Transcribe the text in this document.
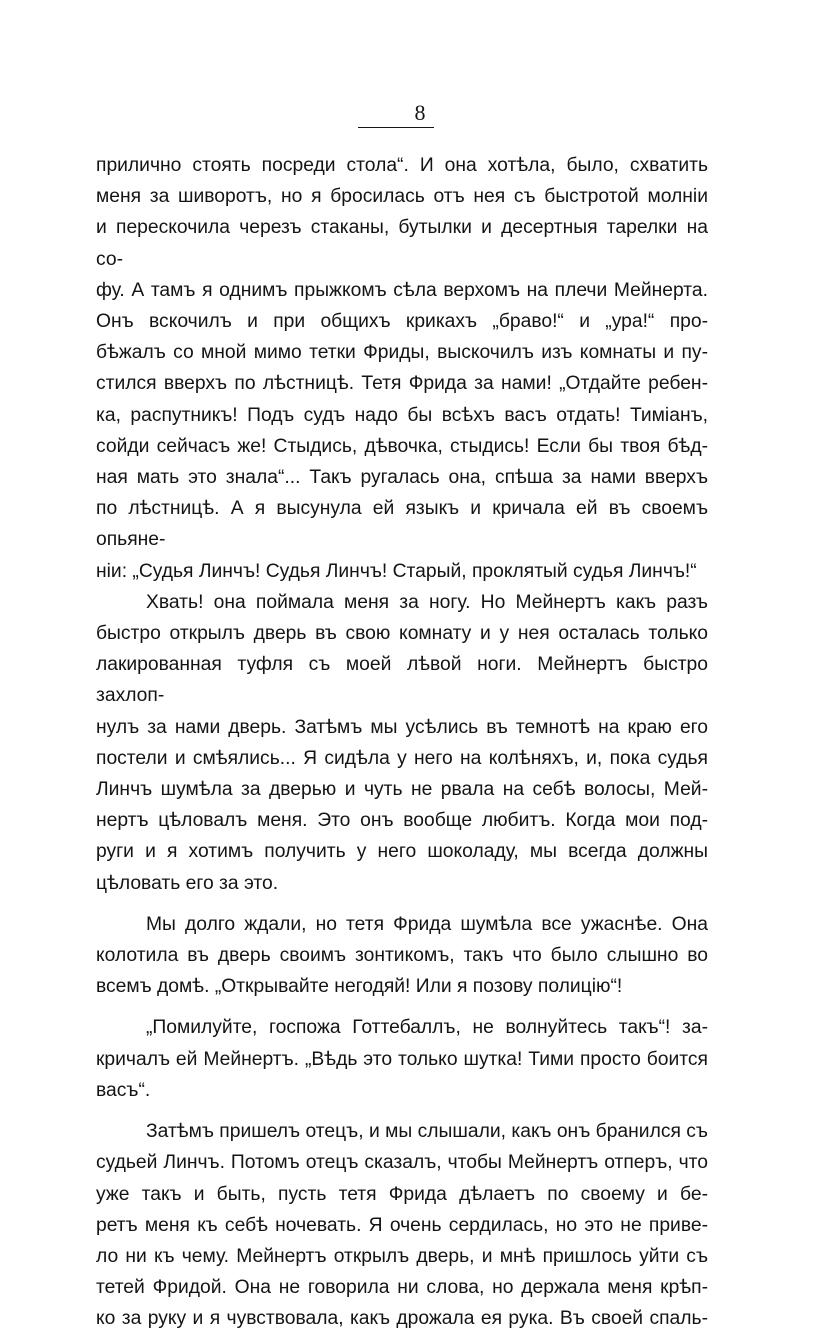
8
прилично стоять посреди стола“. И она хотѣла, было, схватить
меня за шиворотъ, но я бросилась отъ нея съ быстротой молніи
и перескочила черезъ стаканы, бутылки и десертныя тарелки на со-
фу. А тамъ я однимъ прыжкомъ сѣла верхомъ на плечи Мейнерта.
Онъ вскочилъ и при общихъ крикахъ „браво!“ и „ура!“ про-
бѣжалъ со мной мимо тетки Фриды, выскочилъ изъ комнаты и пу-
стился вверхъ по лѣстницѣ. Тетя Фрида за нами! „Отдайте ребен-
ка, распутникъ! Подъ судъ надо бы всѣхъ васъ отдать! Тиміанъ,
сойди сейчасъ же! Стыдись, дѣвочка, стыдись! Если бы твоя бѣд-
ная мать это знала“... Такъ ругалась она, спѣша за нами вверхъ
по лѣстницѣ. А я высунула ей языкъ и кричала ей въ своемъ опьяне-
ніи: „Судья Линчъ! Судья Линчъ! Старый, проклятый судья Линчъ!“
Хвать! она поймала меня за ногу. Но Мейнертъ какъ разъ
быстро открылъ дверь въ свою комнату и у нея осталась только
лакированная туфля съ моей лѣвой ноги. Мейнертъ быстро захлоп-
нулъ за нами дверь. Затѣмъ мы усѣлись въ темнотѣ на краю его
постели и смѣялись... Я сидѣла у него на колѣняхъ, и, пока судья
Линчъ шумѣла за дверью и чуть не рвала на себѣ волосы, Мей-
нертъ цѣловалъ меня. Это онъ вообще любитъ. Когда мои под-
руги и я хотимъ получить у него шоколаду, мы всегда должны
цѣловать его за это.
Мы долго ждали, но тетя Фрида шумѣла все ужаснѣе. Она
колотила въ дверь своимъ зонтикомъ, такъ что было слышно во
всемъ домѣ. „Открывайте негодяй! Или я позову полицію“!
„Помилуйте, госпожа Готтебаллъ, не волнуйтесь такъ“! за-
кричалъ ей Мейнертъ. „Вѣдь это только шутка! Тими просто боится
васъ“.
Затѣмъ пришелъ отецъ, и мы слышали, какъ онъ бранился съ
судьей Линчъ. Потомъ отецъ сказалъ, чтобы Мейнертъ отперъ, что
уже такъ и быть, пусть тетя Фрида дѣлаетъ по своему и бе-
ретъ меня къ себѣ ночевать. Я очень сердилась, но это не приве-
ло ни къ чему. Мейнертъ открылъ дверь, и мнѣ пришлось уйти съ
тетей Фридой. Она не говорила ни слова, но держала меня крѣп-
ко за руку и я чувствовала, какъ дрожала ея рука. Въ своей спаль-
